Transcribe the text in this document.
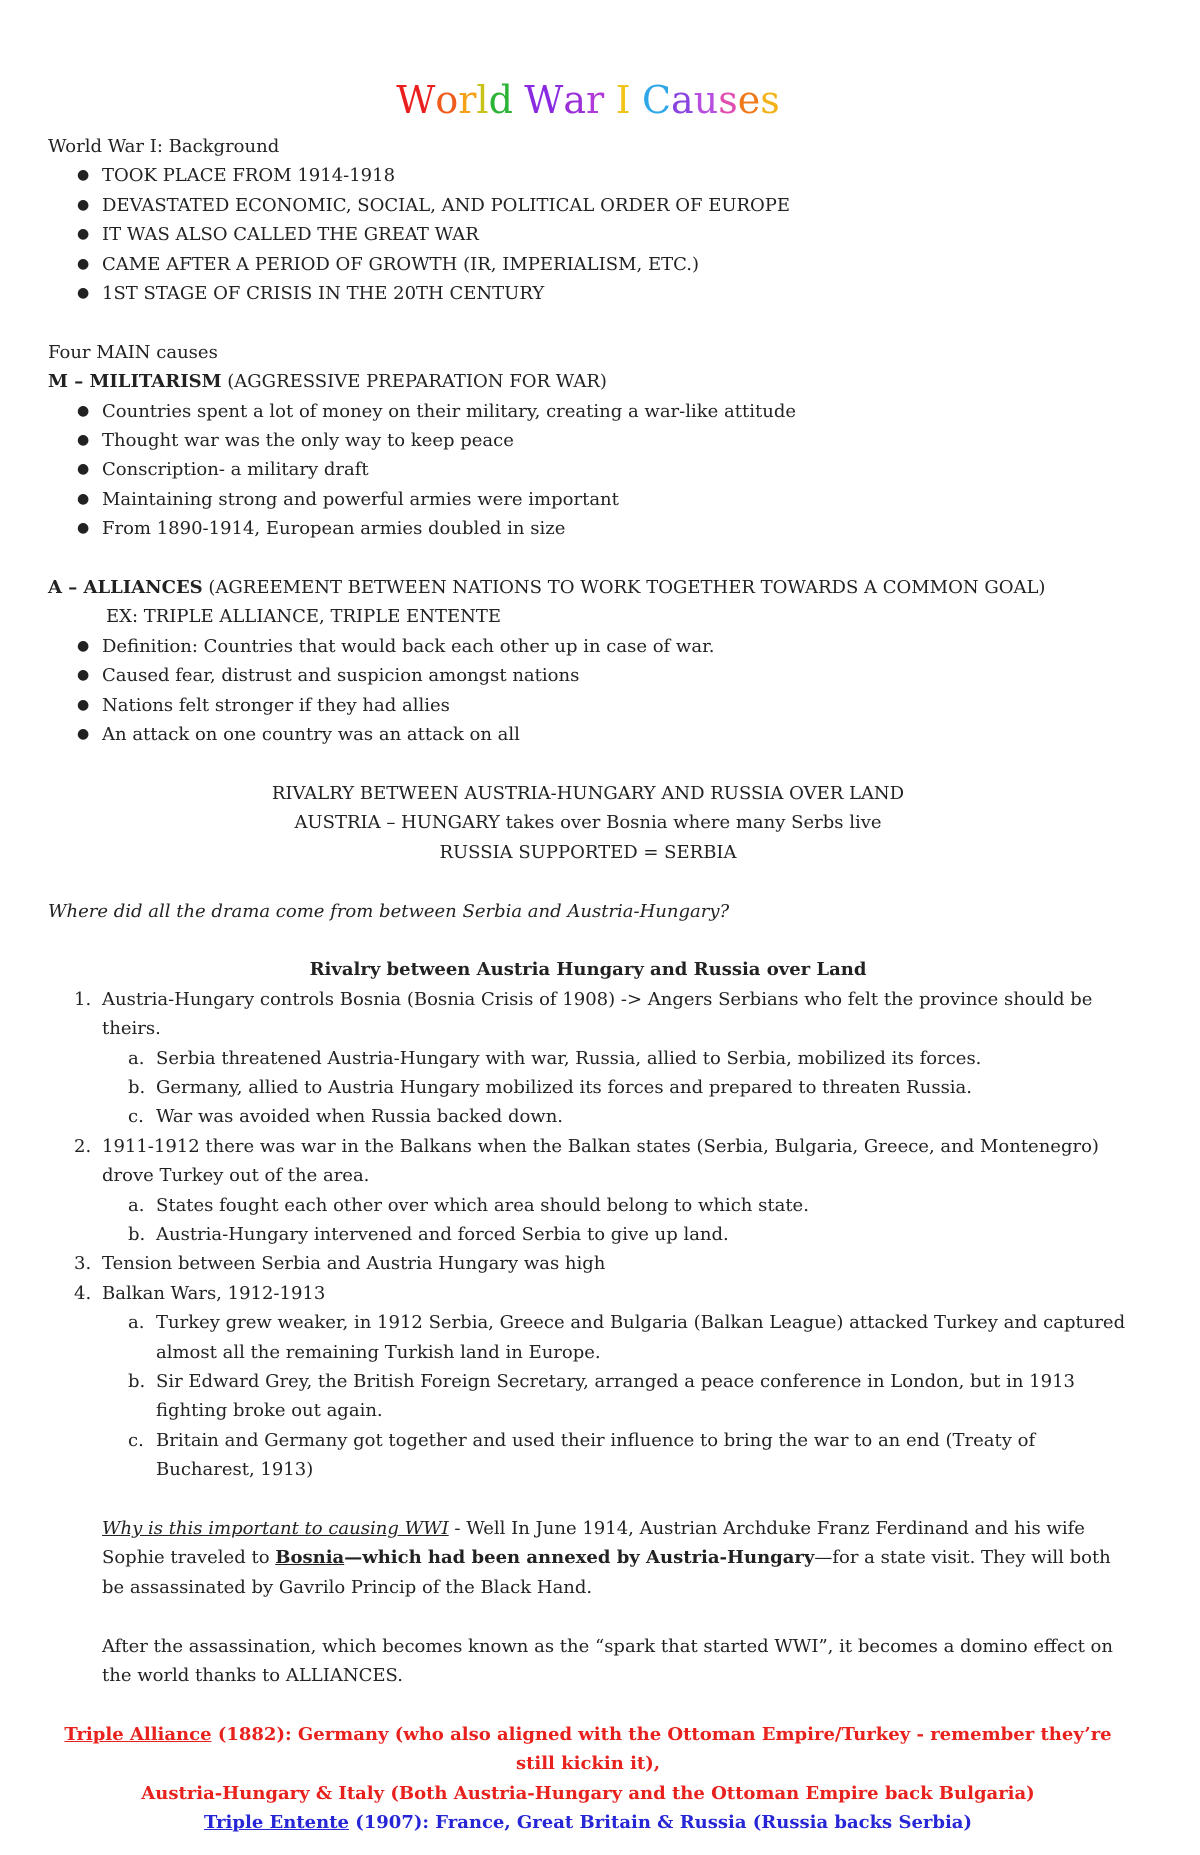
World War I Causes

World War I: Background

● TOOK PLACE FROM 1914-1918
● DEVASTATED ECONOMIC, SOCIAL, AND POLITICAL ORDER OF EUROPE
● IT WAS ALSO CALLED THE GREAT WAR
● CAME AFTER A PERIOD OF GROWTH (IR, IMPERIALISM, ETC.)
● 1ST STAGE OF CRISIS IN THE 20TH CENTURY

Four MAIN causes

M – MILITARISM (AGGRESSIVE PREPARATION FOR WAR)

● Countries spent a lot of money on their military, creating a war-like attitude
● Thought war was the only way to keep peace
● Conscription- a military draft
● Maintaining strong and powerful armies were important
● From 1890-1914, European armies doubled in size

A – ALLIANCES (AGREEMENT BETWEEN NATIONS TO WORK TOGETHER TOWARDS A COMMON GOAL)

EX: TRIPLE ALLIANCE, TRIPLE ENTENTE

● Definition: Countries that would back each other up in case of war.
● Caused fear, distrust and suspicion amongst nations
● Nations felt stronger if they had allies
● An attack on one country was an attack on all

RIVALRY BETWEEN AUSTRIA-HUNGARY AND RUSSIA OVER LAND

AUSTRIA – HUNGARY takes over Bosnia where many Serbs live

RUSSIA SUPPORTED = SERBIA

Where did all the drama come from between Serbia and Austria-Hungary?

Rivalry between Austria Hungary and Russia over Land

1. Austria-Hungary controls Bosnia (Bosnia Crisis of 1908) -> Angers Serbians who felt the province should be theirs.
a. Serbia threatened Austria-Hungary with war, Russia, allied to Serbia, mobilized its forces.
b. Germany, allied to Austria Hungary mobilized its forces and prepared to threaten Russia.
c. War was avoided when Russia backed down.
2. 1911-1912 there was war in the Balkans when the Balkan states (Serbia, Bulgaria, Greece, and Montenegro) drove Turkey out of the area.
a. States fought each other over which area should belong to which state.
b. Austria-Hungary intervened and forced Serbia to give up land.
3. Tension between Serbia and Austria Hungary was high
4. Balkan Wars, 1912-1913
a. Turkey grew weaker, in 1912 Serbia, Greece and Bulgaria (Balkan League) attacked Turkey and captured almost all the remaining Turkish land in Europe.
b. Sir Edward Grey, the British Foreign Secretary, arranged a peace conference in London, but in 1913 fighting broke out again.
c. Britain and Germany got together and used their influence to bring the war to an end (Treaty of Bucharest, 1913)
Why is this important to causing WWI - Well In June 1914, Austrian Archduke Franz Ferdinand and his wife Sophie traveled to Bosnia—which had been annexed by Austria-Hungary—for a state visit. They will both be assassinated by Gavrilo Princip of the Black Hand.

After the assassination, which becomes known as the “spark that started WWI”, it becomes a domino effect on the world thanks to ALLIANCES.

Triple Alliance (1882): Germany (who also aligned with the Ottoman Empire/Turkey - remember they’re still kickin it),

Austria-Hungary & Italy (Both Austria-Hungary and the Ottoman Empire back Bulgaria)

Triple Entente (1907): France, Great Britain & Russia (Russia backs Serbia)
